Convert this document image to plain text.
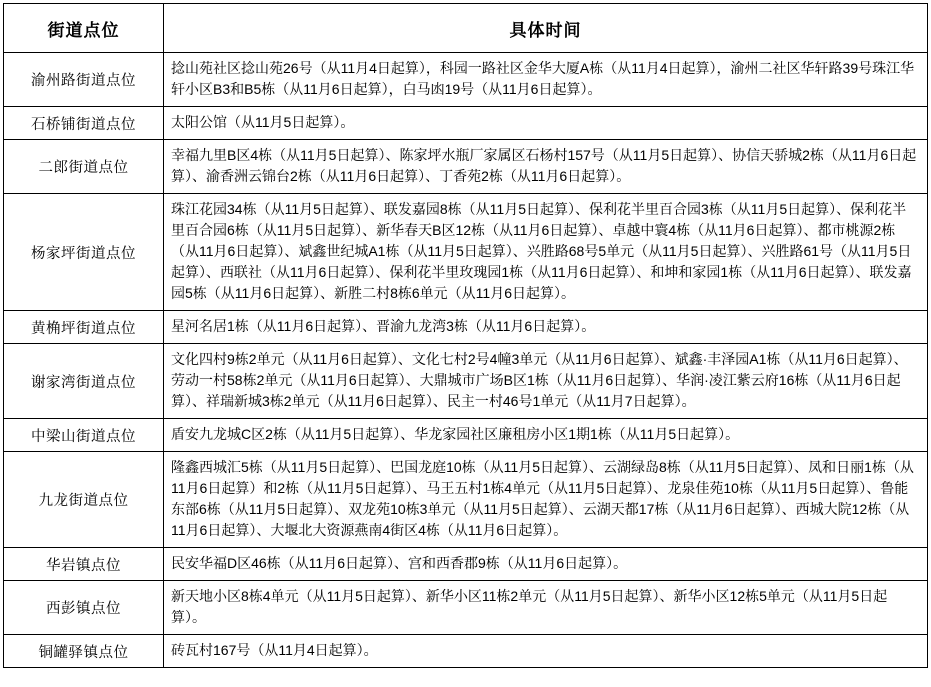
街道点位	具体时间
渝州路街道点位	捻山苑社区捻山苑26号（从11月4日起算），科园一路社区金华大厦A栋（从11月4日起算），渝州二社区华轩路39号珠江华轩小区B3和B5栋（从11月6日起算），白马凼19号（从11月6日起算）。
石桥铺街道点位	太阳公馆（从11月5日起算）。
二郎街道点位	幸福九里B区4栋（从11月5日起算）、陈家坪水瓶厂家属区石杨村157号（从11月5日起算）、协信天骄城2栋（从11月6日起算）、渝香洲云锦台2栋（从11月6日起算）、丁香苑2栋（从11月6日起算）。
杨家坪街道点位	珠江花园34栋（从11月5日起算）、联发嘉园8栋（从11月5日起算）、保利花半里百合园3栋（从11月5日起算）、保利花半里百合园6栋（从11月5日起算）、新华春天B区12栋（从11月6日起算）、卓越中寰4栋（从11月6日起算）、都市桃源2栋（从11月6日起算）、斌鑫世纪城A1栋（从11月5日起算）、兴胜路68号5单元（从11月5日起算）、兴胜路61号（从11月5日起算）、西联社（从11月6日起算）、保利花半里玫瑰园1栋（从11月6日起算）、和坤和家园1栋（从11月6日起算）、联发嘉园5栋（从11月6日起算）、新胜二村8栋6单元（从11月6日起算）。
黄桷坪街道点位	星河名居1栋（从11月6日起算）、晋渝九龙湾3栋（从11月6日起算）。
谢家湾街道点位	文化四村9栋2单元（从11月6日起算）、文化七村2号4幢3单元（从11月6日起算）、斌鑫·丰泽园A1栋（从11月6日起算）、劳动一村58栋2单元（从11月6日起算）、大鼎城市广场B区1栋（从11月6日起算）、华润·凌江紫云府16栋（从11月6日起算）、祥瑞新城3栋2单元（从11月6日起算）、民主一村46号1单元（从11月7日起算）。
中梁山街道点位	盾安九龙城C区2栋（从11月5日起算）、华龙家园社区廉租房小区1期1栋（从11月5日起算）。
九龙街道点位	隆鑫西城汇5栋（从11月5日起算）、巴国龙庭10栋（从11月5日起算）、云湖绿岛8栋（从11月5日起算）、凤和日丽1栋（从11月6日起算）和2栋（从11月5日起算）、马王五村1栋4单元（从11月5日起算）、龙泉佳苑10栋（从11月5日起算）、鲁能东部6栋（从11月5日起算）、双龙苑10栋3单元（从11月5日起算）、云湖天都17栋（从11月6日起算）、西城大院12栋（从11月6日起算）、大堰北大资源燕南4街区4栋（从11月6日起算）。
华岩镇点位	民安华福D区46栋（从11月6日起算）、宫和西香郡9栋（从11月6日起算）。
西彭镇点位	新天地小区8栋4单元（从11月5日起算）、新华小区11栋2单元（从11月5日起算）、新华小区12栋5单元（从11月5日起算）。
铜罐驿镇点位	砖瓦村167号（从11月4日起算）。
